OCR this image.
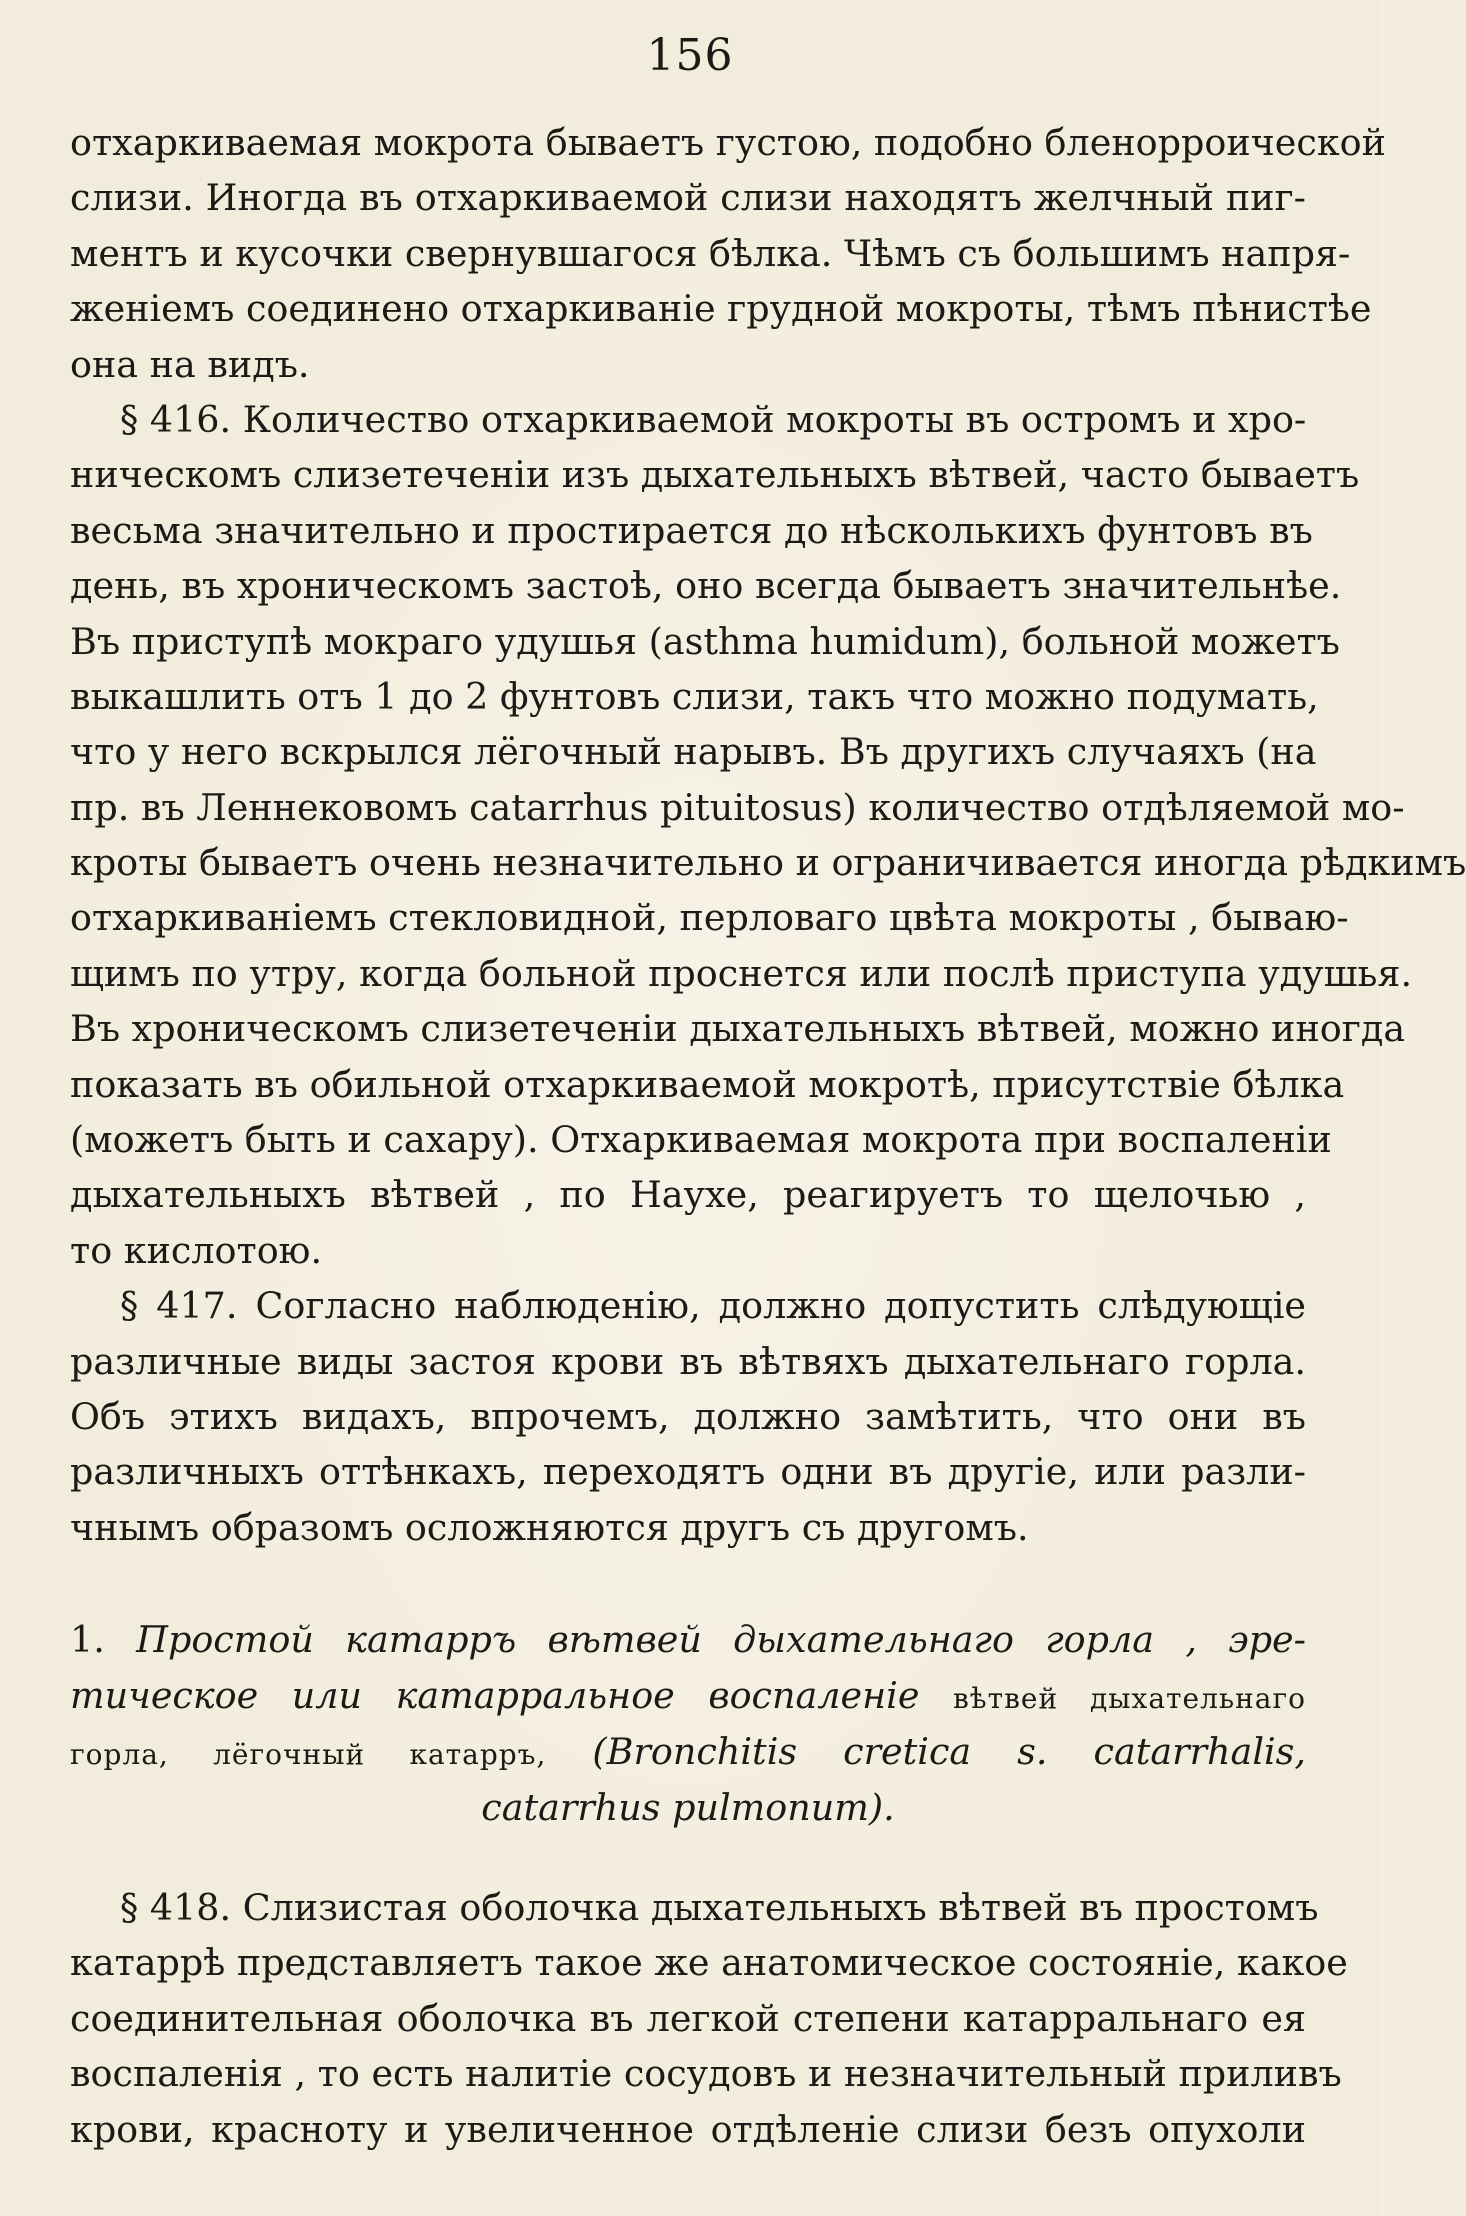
156
отхаркиваемая мокрота бываетъ густою, подобно бленорроической
слизи. Иногда въ отхаркиваемой слизи находятъ желчный пиг-
ментъ и кусочки свернувшагося бѣлка. Чѣмъ съ большимъ напря-
женіемъ соединено отхаркиваніе грудной мокроты, тѣмъ пѣнистѣе
она на видъ.
§ 416. Количество отхаркиваемой мокроты въ остромъ и хро-
ническомъ слизетеченіи изъ дыхательныхъ вѣтвей, часто бываетъ
весьма значительно и простирается до нѣсколькихъ фунтовъ въ
день, въ хроническомъ застоѣ, оно всегда бываетъ значительнѣе.
Въ приступѣ мокраго удушья (asthma humidum), больной можетъ
выкашлить отъ 1 до 2 фунтовъ слизи, такъ что можно подумать,
что у него вскрылся лёгочный нарывъ. Въ другихъ случаяхъ (на
пр. въ Леннековомъ catarrhus pituitosus) количество отдѣляемой мо-
кроты бываетъ очень незначительно и ограничивается иногда рѣдкимъ
отхаркиваніемъ стекловидной, перловаго цвѣта мокроты , бываю-
щимъ по утру, когда больной проснется или послѣ приступа удушья.
Въ хроническомъ слизетеченіи дыхательныхъ вѣтвей, можно иногда
показать въ обильной отхаркиваемой мокротѣ, присутствіе бѣлка
(можетъ быть и сахару). Отхаркиваемая мокрота при воспаленіи
дыхательныхъ вѣтвей , по Haухe, реагируетъ то щелочью ,
то кислотою.
§ 417. Согласно наблюденію, должно допустить слѣдующіе
различные виды застоя крови въ вѣтвяхъ дыхательнаго горла.
Объ этихъ видахъ, впрочемъ, должно замѣтить, что они въ
различныхъ оттѣнкахъ, переходятъ одни въ другіе, или разли-
чнымъ образомъ осложняются другъ съ другомъ.
1. Простой катарръ вѣтвей дыхательнаго горла , эре-
тическое или катарральное воспаленіе вѣтвей дыхательнаго
горла, лёгочный катарръ, (Bronchitis cretica s. catarrhalis,
catarrhus pulmonum).
§ 418. Слизистая оболочка дыхательныхъ вѣтвей въ простомъ
катаррѣ представляетъ такое же анатомическое состояніе, какое
соединительная оболочка въ легкой степени катарральнаго ея
воспаленія , то есть налитіе сосудовъ и незначительный приливъ
крови, красноту и увеличенное отдѣленіе слизи безъ опухоли
